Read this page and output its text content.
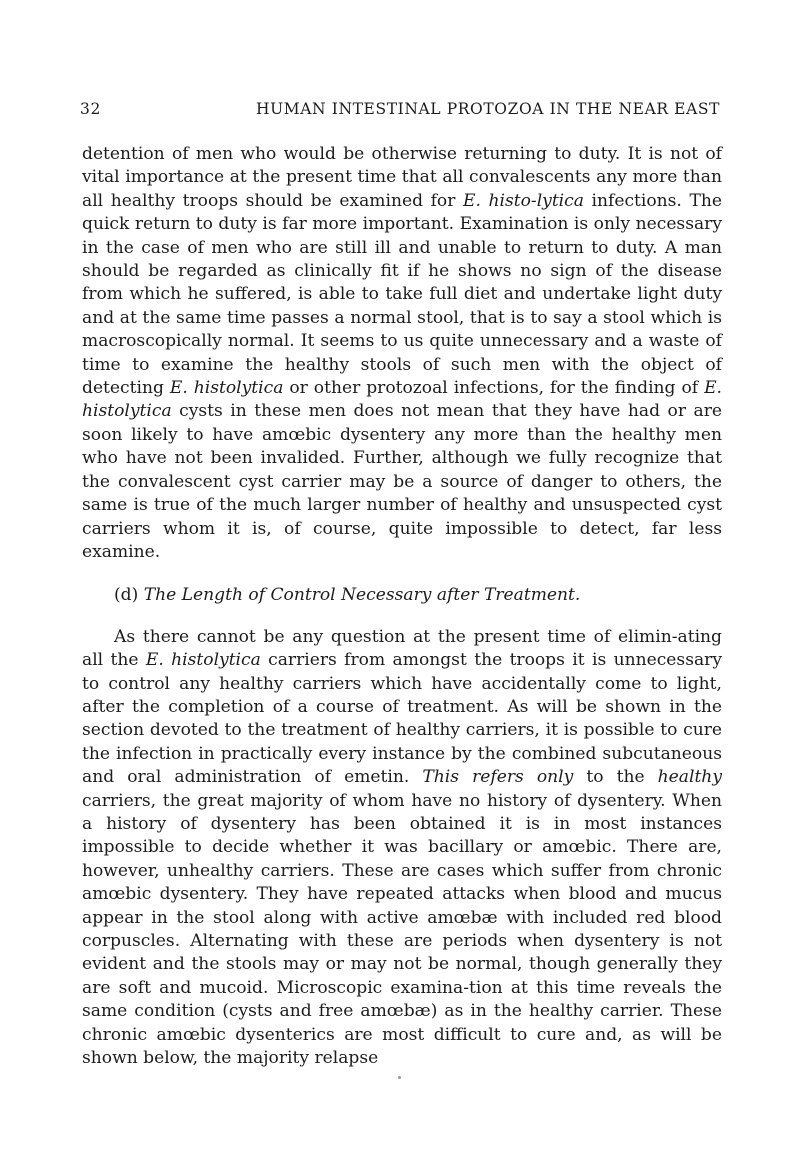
32	HUMAN INTESTINAL PROTOZOA IN THE NEAR EAST

detention of men who would be otherwise returning to duty. It is not of vital importance at the present time that all convalescents any more than all healthy troops should be examined for E. histo-lytica infections. The quick return to duty is far more important. Examination is only necessary in the case of men who are still ill and unable to return to duty. A man should be regarded as clinically fit if he shows no sign of the disease from which he suffered, is able to take full diet and undertake light duty and at the same time passes a normal stool, that is to say a stool which is macroscopically normal. It seems to us quite unnecessary and a waste of time to examine the healthy stools of such men with the object of detecting E. histolytica or other protozoal infections, for the finding of E. histolytica cysts in these men does not mean that they have had or are soon likely to have amœbic dysentery any more than the healthy men who have not been invalided. Further, although we fully recognize that the convalescent cyst carrier may be a source of danger to others, the same is true of the much larger number of healthy and unsuspected cyst carriers whom it is, of course, quite impossible to detect, far less examine.

(d) The Length of Control Necessary after Treatment.

As there cannot be any question at the present time of elimin-ating all the E. histolytica carriers from amongst the troops it is unnecessary to control any healthy carriers which have accidentally come to light, after the completion of a course of treatment. As will be shown in the section devoted to the treatment of healthy carriers, it is possible to cure the infection in practically every instance by the combined subcutaneous and oral administration of emetin. This refers only to the healthy carriers, the great majority of whom have no history of dysentery. When a history of dysentery has been obtained it is in most instances impossible to decide whether it was bacillary or amœbic. There are, however, unhealthy carriers. These are cases which suffer from chronic amœbic dysentery. They have repeated attacks when blood and mucus appear in the stool along with active amœbæ with included red blood corpuscles. Alternating with these are periods when dysentery is not evident and the stools may or may not be normal, though generally they are soft and mucoid. Microscopic examina-tion at this time reveals the same condition (cysts and free amœbæ) as in the healthy carrier. These chronic amœbic dysenterics are most difficult to cure and, as will be shown below, the majority relapse
